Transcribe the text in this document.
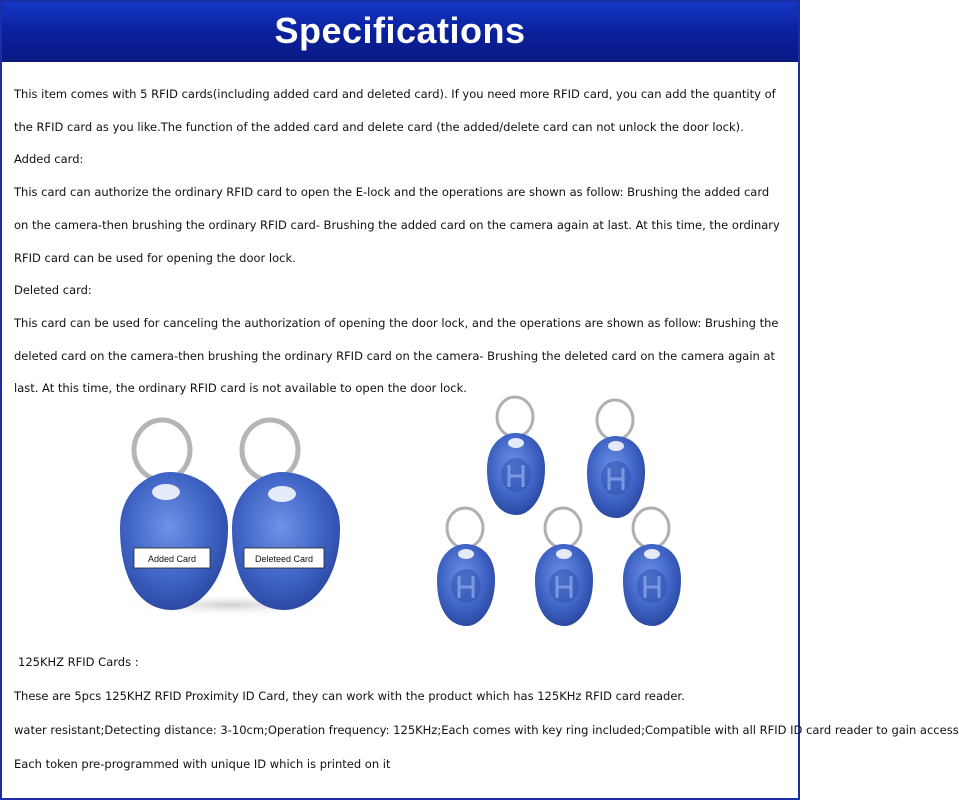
Specifications

This item comes with 5 RFID cards(including added card and deleted card). If you need more RFID card, you can add the quantity of the RFID card as you like.The function of the added card and delete card (the added/delete card can not unlock the door lock).

Added card:

This card can authorize the ordinary RFID card to open the E-lock and the operations are shown as follow: Brushing the added card on the camera-then brushing the ordinary RFID card- Brushing the added card on the camera again at last. At this time, the ordinary RFID card can be used for opening the door lock.

Deleted card:

This card can be used for canceling the authorization of opening the door lock, and the operations are shown as follow: Brushing the deleted card on the camera-then brushing the ordinary RFID card on the camera- Brushing the deleted card on the camera again at last. At this time, the ordinary RFID card is not available to open the door lock.

Added Card	Deleteed Card

125KHZ RFID Cards :

These are 5pcs 125KHZ RFID Proximity ID Card, they can work with the product which has 125KHz RFID card reader.

water resistant;Detecting distance: 3-10cm;Operation frequency: 125KHz;Each comes with key ring included;Compatible with all RFID ID card reader to gain access

Each token pre-programmed with unique ID which is printed on it
